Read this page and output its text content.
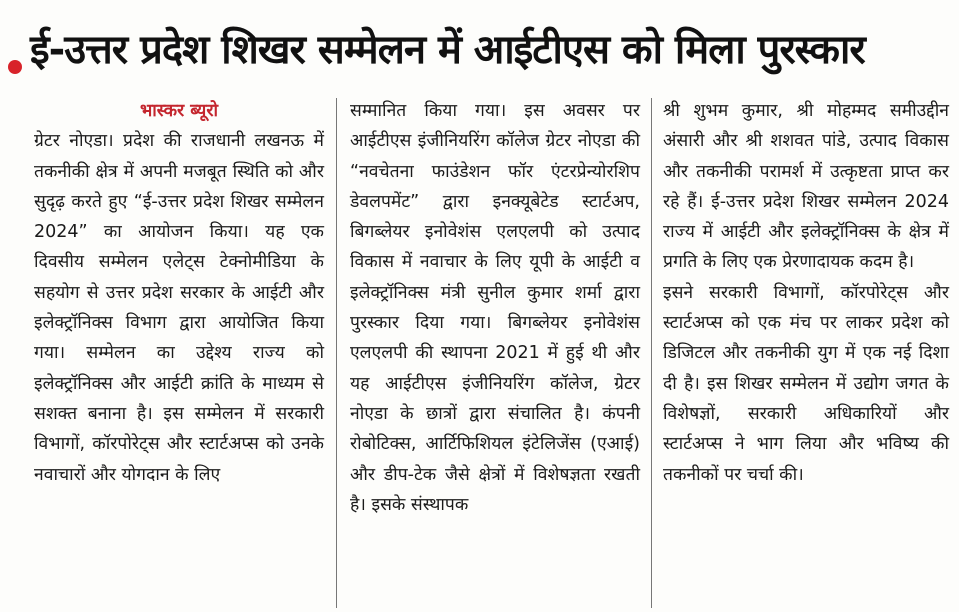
ई-उत्तर प्रदेश शिखर सम्मेलन में आईटीएस को मिला पुरस्कार
भास्कर ब्यूरो

ग्रेटर नोएडा। प्रदेश की राजधानी लखनऊ में तकनीकी क्षेत्र में अपनी मजबूत स्थिति को और सुदृढ़ करते हुए “ई-उत्तर प्रदेश शिखर सम्मेलन 2024” का आयोजन किया। यह एक दिवसीय सम्मेलन एलेट्स टेक्नोमीडिया के सहयोग से उत्तर प्रदेश सरकार के आईटी और इलेक्ट्रॉनिक्स विभाग द्वारा आयोजित किया गया। सम्मेलन का उद्देश्य राज्य को इलेक्ट्रॉनिक्स और आईटी क्रांति के माध्यम से सशक्त बनाना है। इस सम्मेलन में सरकारी विभागों, कॉरपोरेट्स और स्टार्टअप्स को उनके नवाचारों और योगदान के लिए

सम्मानित किया गया। इस अवसर पर आईटीएस इंजीनियरिंग कॉलेज ग्रेटर नोएडा की “नवचेतना फाउंडेशन फॉर एंटरप्रेन्योरशिप डेवलपमेंट” द्वारा इनक्यूबेटेड स्टार्टअप, बिगब्लेयर इनोवेशंस एलएलपी को उत्पाद विकास में नवाचार के लिए यूपी के आईटी व इलेक्ट्रॉनिक्स मंत्री सुनील कुमार शर्मा द्वारा पुरस्कार दिया गया। बिगब्लेयर इनोवेशंस एलएलपी की स्थापना 2021 में हुई थी और यह आईटीएस इंजीनियरिंग कॉलेज, ग्रेटर नोएडा के छात्रों द्वारा संचालित है। कंपनी रोबोटिक्स, आर्टिफिशियल इंटेलिजेंस (एआई) और डीप-टेक जैसे क्षेत्रों में विशेषज्ञता रखती है। इसके संस्थापक

श्री शुभम कुमार, श्री मोहम्मद समीउद्दीन अंसारी और श्री शशवत पांडे, उत्पाद विकास और तकनीकी परामर्श में उत्कृष्टता प्राप्त कर रहे हैं। ई-उत्तर प्रदेश शिखर सम्मेलन 2024 राज्य में आईटी और इलेक्ट्रॉनिक्स के क्षेत्र में प्रगति के लिए एक प्रेरणादायक कदम है।

इसने सरकारी विभागों, कॉरपोरेट्स और स्टार्टअप्स को एक मंच पर लाकर प्रदेश को डिजिटल और तकनीकी युग में एक नई दिशा दी है। इस शिखर सम्मेलन में उद्योग जगत के विशेषज्ञों, सरकारी अधिकारियों और स्टार्टअप्स ने भाग लिया और भविष्य की तकनीकों पर चर्चा की।
